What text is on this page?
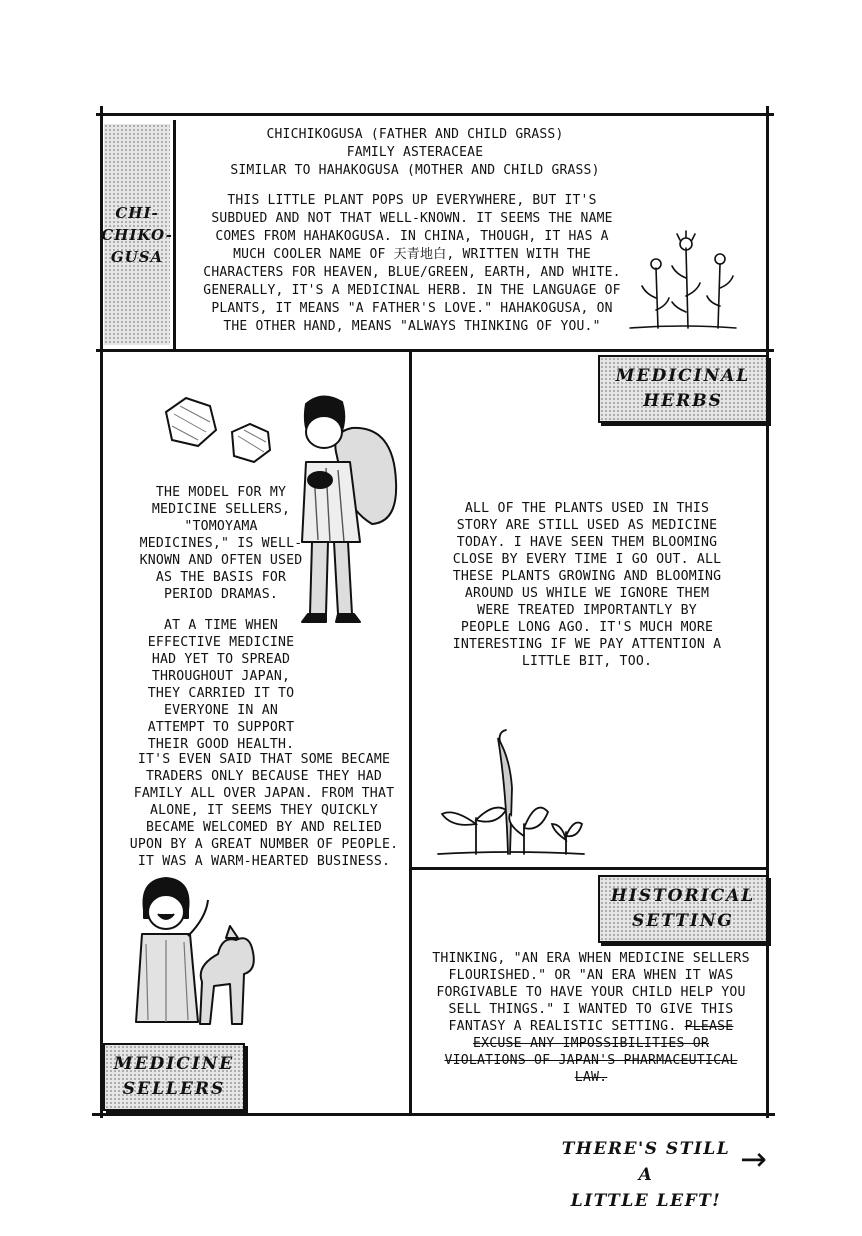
CHI-
CHIKO-
GUSA
CHICHIKOGUSA (FATHER AND CHILD GRASS)
FAMILY ASTERACEAE
SIMILAR TO HAHAKOGUSA (MOTHER AND CHILD GRASS)
THIS LITTLE PLANT POPS UP EVERYWHERE, BUT IT'S SUBDUED AND NOT THAT WELL-KNOWN. IT SEEMS THE NAME COMES FROM HAHAKOGUSA. IN CHINA, THOUGH, IT HAS A MUCH COOLER NAME OF 天青地白, WRITTEN WITH THE CHARACTERS FOR HEAVEN, BLUE/GREEN, EARTH, AND WHITE. GENERALLY, IT'S A MEDICINAL HERB. IN THE LANGUAGE OF PLANTS, IT MEANS "A FATHER'S LOVE." HAHAKOGUSA, ON THE OTHER HAND, MEANS "ALWAYS THINKING OF YOU."

THE MODEL FOR MY MEDICINE SELLERS, "TOMOYAMA MEDICINES," IS WELL-KNOWN AND OFTEN USED AS THE BASIS FOR PERIOD DRAMAS.

AT A TIME WHEN EFFECTIVE MEDICINE HAD YET TO SPREAD THROUGHOUT JAPAN, THEY CARRIED IT TO EVERYONE IN AN ATTEMPT TO SUPPORT THEIR GOOD HEALTH.

IT'S EVEN SAID THAT SOME BECAME TRADERS ONLY BECAUSE THEY HAD FAMILY ALL OVER JAPAN. FROM THAT ALONE, IT SEEMS THEY QUICKLY BECAME WELCOMED BY AND RELIED UPON BY A GREAT NUMBER OF PEOPLE. IT WAS A WARM-HEARTED BUSINESS.
MEDICINE
SELLERS
MEDICINAL
HERBS
ALL OF THE PLANTS USED IN THIS STORY ARE STILL USED AS MEDICINE TODAY. I HAVE SEEN THEM BLOOMING CLOSE BY EVERY TIME I GO OUT. ALL THESE PLANTS GROWING AND BLOOMING AROUND US WHILE WE IGNORE THEM WERE TREATED IMPORTANTLY BY PEOPLE LONG AGO. IT'S MUCH MORE INTERESTING IF WE PAY ATTENTION A LITTLE BIT, TOO.
HISTORICAL
SETTING
THINKING, "AN ERA WHEN MEDICINE SELLERS FLOURISHED." OR "AN ERA WHEN IT WAS FORGIVABLE TO HAVE YOUR CHILD HELP YOU SELL THINGS." I WANTED TO GIVE THIS FANTASY A REALISTIC SETTING. PLEASE EXCUSE ANY IMPOSSIBILITIES OR VIOLATIONS OF JAPAN'S PHARMACEUTICAL LAW.
THERE'S STILL A
LITTLE LEFT!
→
